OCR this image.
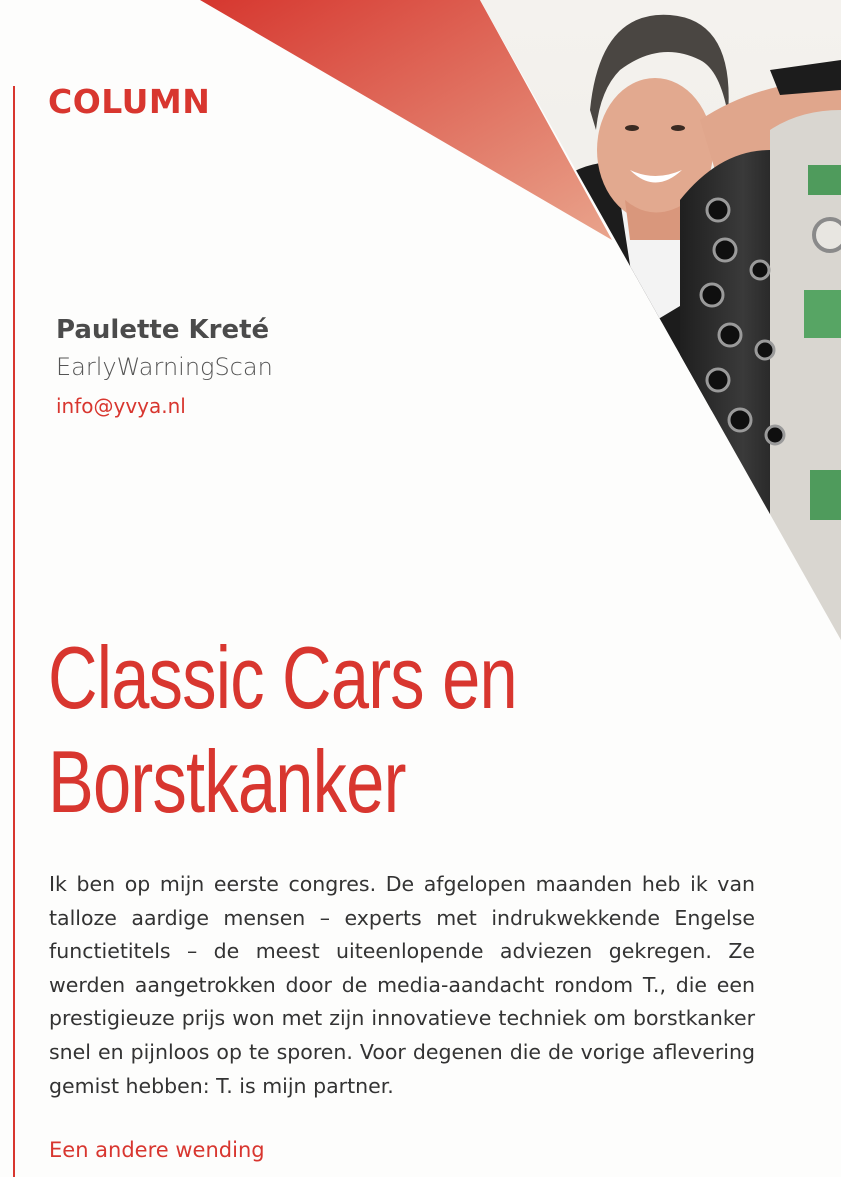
COLUMN
Paulette Kreté
EarlyWarningScan
info@yvya.nl
Classic Cars en
Borstkanker

Ik ben op mijn eerste congres. De afgelopen maanden heb ik van talloze aardige mensen – experts met indrukwekkende Engelse functietitels – de meest uiteenlopende adviezen gekregen. Ze werden aangetrokken door de media-aandacht rondom T., die een prestigieuze prijs won met zijn innovatieve techniek om borstkanker snel en pijnloos op te sporen. Voor degenen die de vorige aflevering gemist hebben: T. is mijn partner.

Een andere wending
